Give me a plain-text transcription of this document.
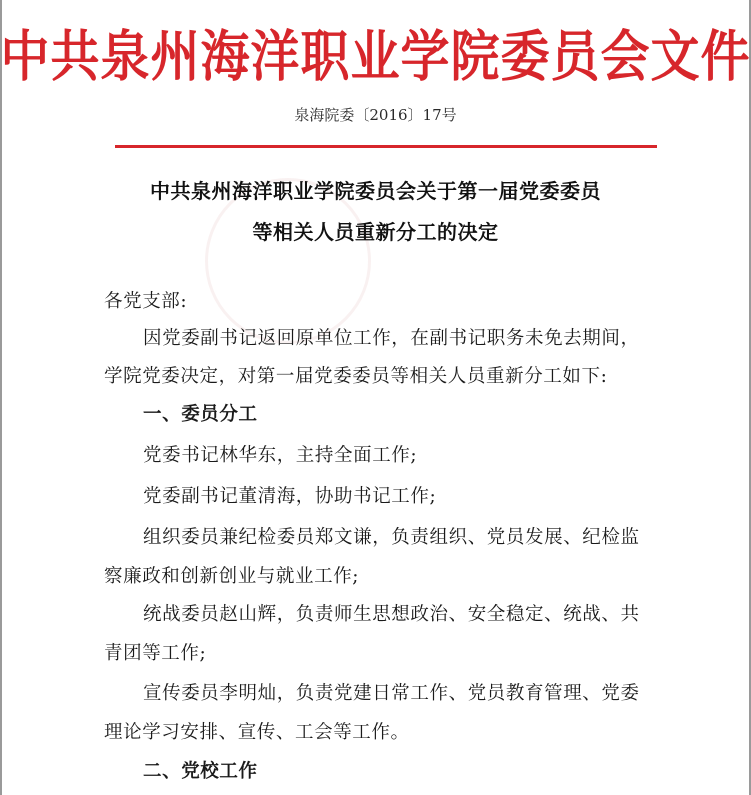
中共泉州海洋职业学院委员会文件
泉海院委〔2016〕17号
中共泉州海洋职业学院委员会关于第一届党委委员
等相关人员重新分工的决定
各党支部:
因党委副书记返回原单位工作，在副书记职务未免去期间，
学院党委决定，对第一届党委委员等相关人员重新分工如下:
一、委员分工
党委书记林华东，主持全面工作;
党委副书记董清海，协助书记工作;
组织委员兼纪检委员郑文谦，负责组织、党员发展、纪检监
察廉政和创新创业与就业工作;
统战委员赵山辉，负责师生思想政治、安全稳定、统战、共
青团等工作;
宣传委员李明灿，负责党建日常工作、党员教育管理、党委
理论学习安排、宣传、工会等工作。
二、党校工作
